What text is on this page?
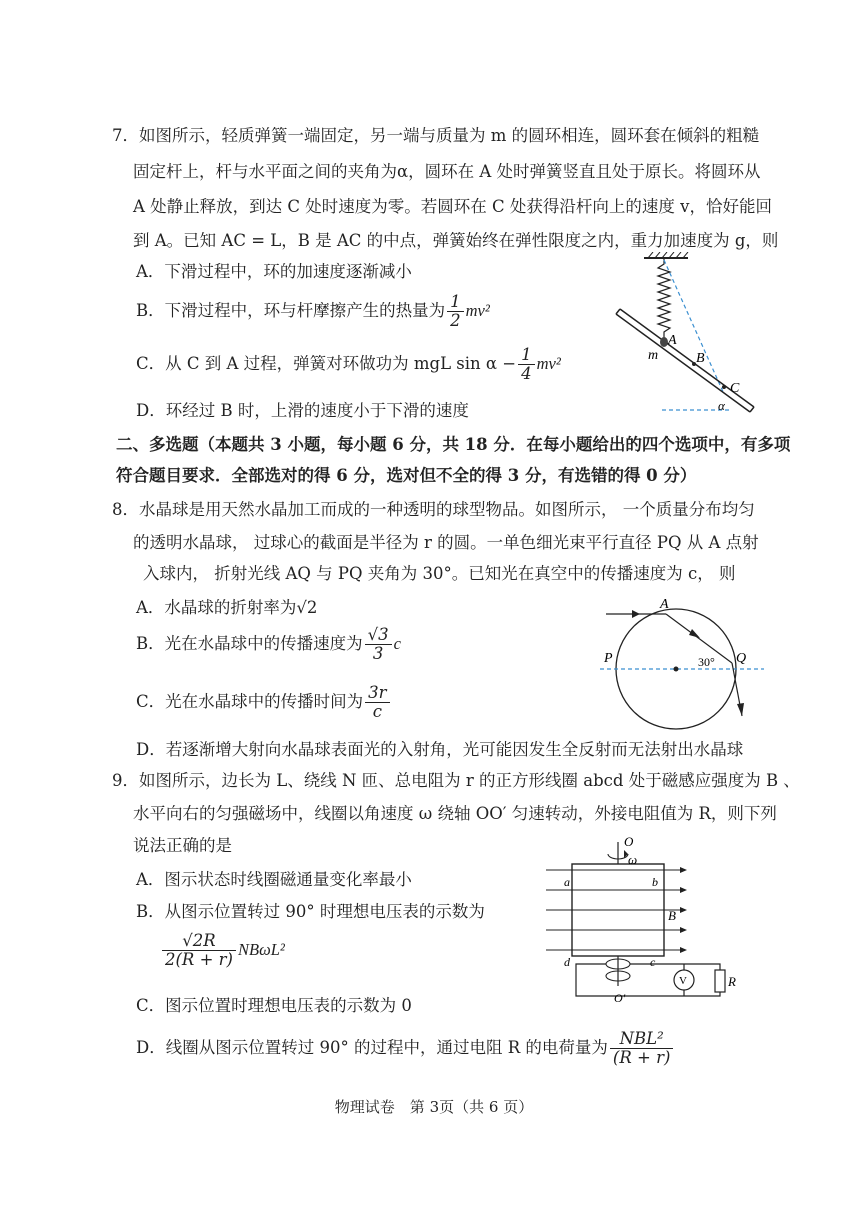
7．如图所示，轻质弹簧一端固定，另一端与质量为 m 的圆环相连，圆环套在倾斜的粗糙
固定杆上，杆与水平面之间的夹角为α，圆环在 A 处时弹簧竖直且处于原长。将圆环从
A 处静止释放，到达 C 处时速度为零。若圆环在 C 处获得沿杆向上的速度 v，恰好能回
到 A。已知 AC = L，B 是 AC 的中点，弹簧始终在弹性限度之内，重力加速度为 g，则
A．下滑过程中，环的加速度逐渐减小
B．下滑过程中，环与杆摩擦产生的热量为 $\frac{1}{2} mv^2$
C．从 C 到 A 过程，弹簧对环做功为 mgL $\sin \alpha - \frac{1}{4} mv^2$
D．环经过 B 时，上滑的速度小于下滑的速度
A
m	B
C
α
二、多选题（本题共 3 小题，每小题 6 分，共 18 分．在每小题给出的四个选项中，有多项
符合题目要求．全部选对的得 6 分，选对但不全的得 3 分，有选错的得 0 分）
8．水晶球是用天然水晶加工而成的一种透明的球型物品。如图所示， 一个质量分布均匀
的透明水晶球， 过球心的截面是半径为 r 的圆。一单色细光束平行直径 PQ 从 A 点射
入球内， 折射光线 AQ 与 PQ 夹角为 30°。已知光在真空中的传播速度为 c， 则
A．水晶球的折射率为√2
B．光在水晶球中的传播速度为 $\frac{√3}{3}$ c
C．光在水晶球中的传播时间为 $\frac{3r}{c}$
D．若逐渐增大射向水晶球表面光的入射角，光可能因发生全反射而无法射出水晶球
A
P	Q
30°
9．如图所示，边长为 L、绕线 N 匝、总电阻为 r 的正方形线圈 abcd 处于磁感应强度为 B 、
水平向右的匀强磁场中，线圈以角速度 ω 绕轴 OO′ 匀速转动，外接电阻值为 R，则下列
说法正确的是
A．图示状态时线圈磁通量变化率最小
B．从图示位置转过 90° 时理想电压表的示数为
$\frac{√2R}{2(R + r)} NB\omega L^2$
C．图示位置时理想电压表的示数为 0
D．线圈从图示位置转过 90° 的过程中，通过电阻 R 的电荷量为 $\frac{\text{NBL²}}{(R + r)}$
O
ω
a	b
d	c
B
O′
V	R
物理试卷　第 3页（共 6 页）
